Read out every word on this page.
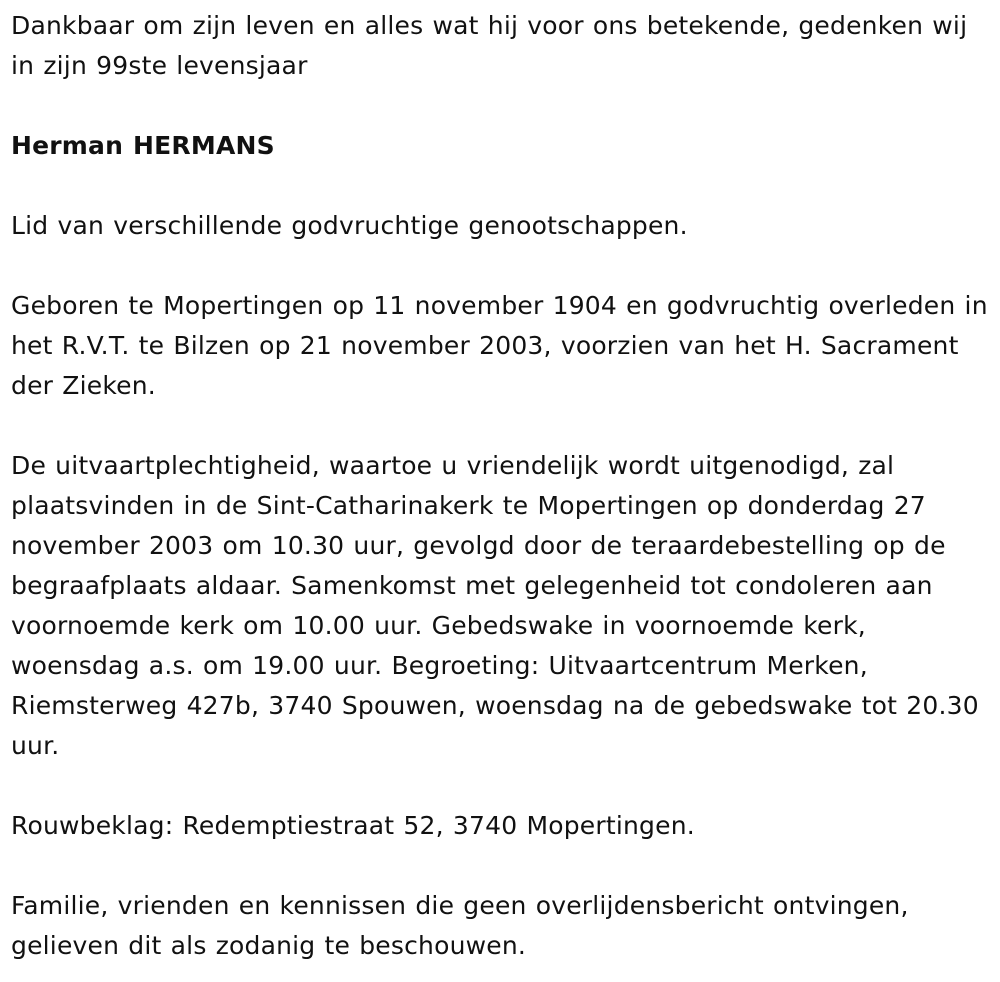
Dankbaar om zijn leven en alles wat hij voor ons betekende, gedenken wij in zijn 99ste levensjaar

Herman HERMANS

Lid van verschillende godvruchtige genootschappen.

Geboren te Mopertingen op 11 november 1904 en godvruchtig overleden in het R.V.T. te Bilzen op 21 november 2003, voorzien van het H. Sacrament der Zieken.

De uitvaartplechtigheid, waartoe u vriendelijk wordt uitgenodigd, zal plaatsvinden in de Sint-Catharinakerk te Mopertingen op donderdag 27 november 2003 om 10.30 uur, gevolgd door de teraardebestelling op de begraafplaats aldaar. Samenkomst met gelegenheid tot condoleren aan voornoemde kerk om 10.00 uur. Gebedswake in voornoemde kerk, woensdag a.s. om 19.00 uur. Begroeting: Uitvaartcentrum Merken, Riemsterweg 427b, 3740 Spouwen, woensdag na de gebedswake tot 20.30 uur.

Rouwbeklag: Redemptiestraat 52, 3740 Mopertingen.

Familie, vrienden en kennissen die geen overlijdensbericht ontvingen, gelieven dit als zodanig te beschouwen.
